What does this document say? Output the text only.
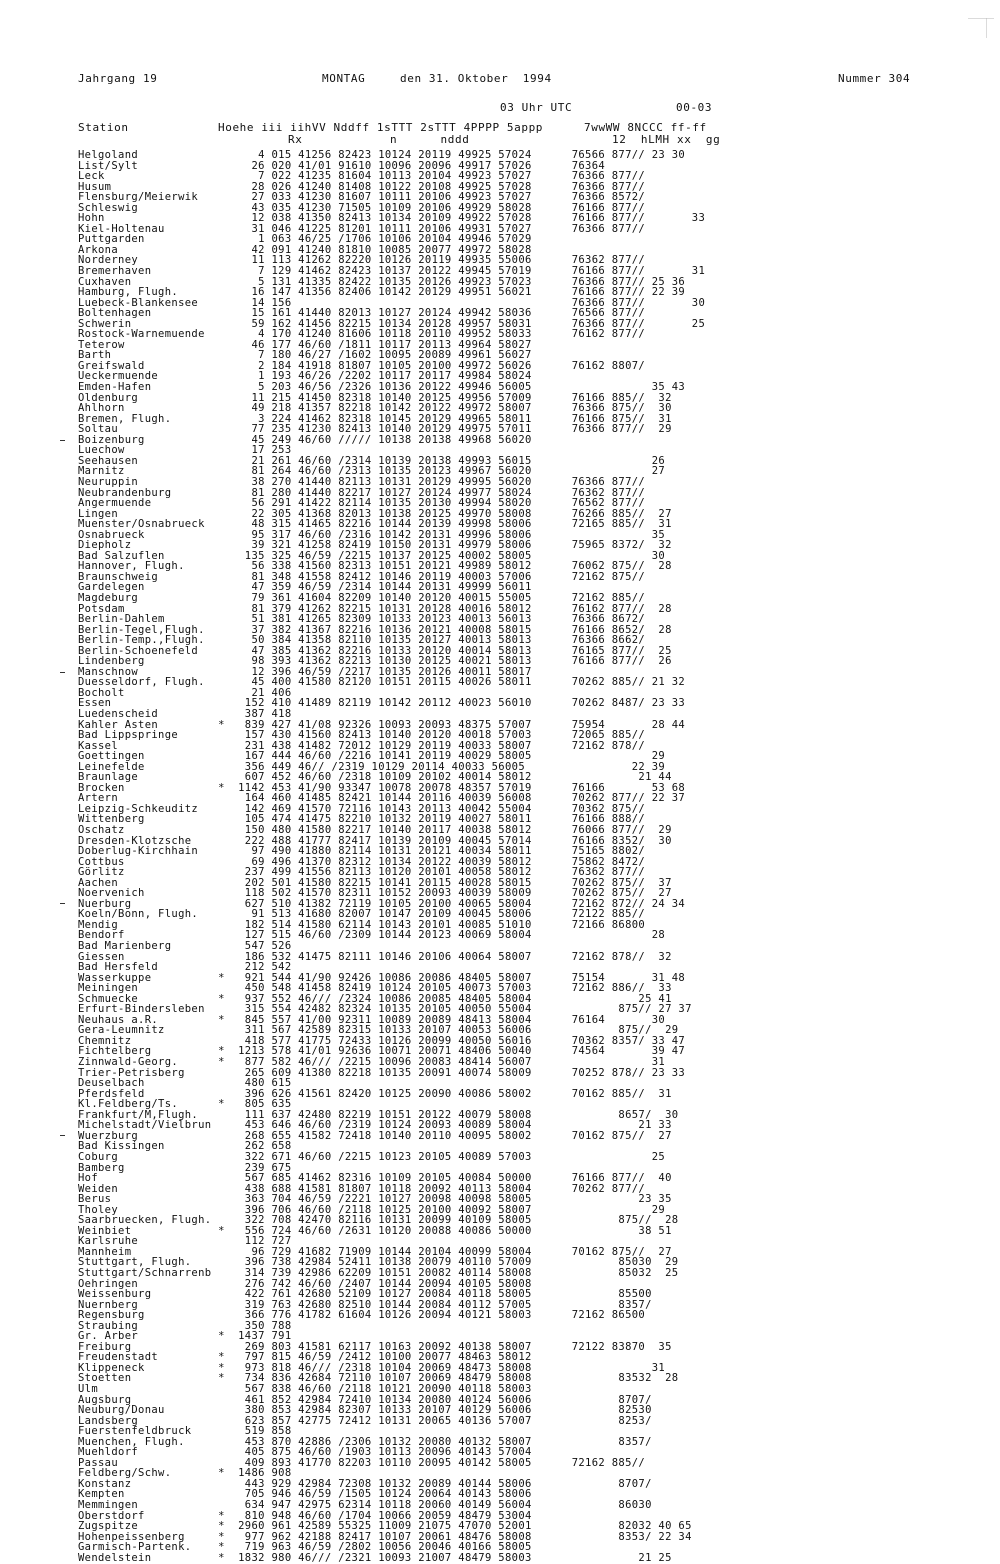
Jahrgang 19	MONTAG	den 31. Oktober  1994	Nummer 304
03 Uhr UTC	00-03
Station	Hoehe iii iihVV Nddff 1sTTT 2sTTT 4PPPP 5appp	7wwWW 8NCCC ff-ff
Rx	n      nddd	12  hLMH xx  gg
Helgoland                  4 015 41256 82423 10124 20119 49925 57024      76566 877// 23 30
List/Sylt                 26 020 41/01 91610 10096 20096 49917 57026      76364
Leck                       7 022 41235 81604 10113 20104 49923 57027      76366 877//
Husum                     28 026 41240 81408 10122 20108 49925 57028      76366 877//
Flensburg/Meierwik        27 033 41230 81607 10111 20106 49923 57027      76366 8572/
Schleswig                 43 035 41230 71505 10109 20106 49929 58028      76166 877//
Hohn                      12 038 41350 82413 10134 20109 49922 57028      76166 877//       33
Kiel-Holtenau             31 046 41225 81201 10111 20106 49931 57027      76366 877//
Puttgarden                 1 063 46/25 /1706 10106 20104 49946 57029
Arkona                    42 091 41240 81810 10085 20077 49972 58028
Norderney                 11 113 41262 82220 10126 20119 49935 55006      76362 877//
Bremerhaven                7 129 41462 82423 10137 20122 49945 57019      76166 877//       31
Cuxhaven                   5 131 41335 82422 10135 20126 49923 57023      76366 877// 25 36
Hamburg, Flugh.           16 147 41356 82406 10142 20129 49951 56021      76166 877// 22 39
Luebeck-Blankensee        14 156                                          76366 877//       30
Boltenhagen               15 161 41440 82013 10127 20124 49942 58036      76566 877//
Schwerin                  59 162 41456 82215 10134 20128 49957 58031      76366 877//       25
Rostock-Warnemuende        4 170 41240 81606 10118 20110 49952 58033      76162 877//
Teterow                   46 177 46/60 /1811 10117 20113 49964 58027
Barth                      7 180 46/27 /1602 10095 20089 49961 56027
Greifswald                 2 184 41918 81807 10105 20100 49972 56026      76162 8807/
Ueckermuende               1 193 46/26 /2202 10117 20117 49984 58024
Emden-Hafen                5 203 46/56 /2326 10136 20122 49946 56005                  35 43
Oldenburg                 11 215 41450 82318 10140 20125 49956 57009      76166 885//  32
Ahlhorn                   49 218 41357 82218 10142 20122 49972 58007      76366 875//  30
Bremen, Flugh.             3 224 41462 82318 10145 20129 49965 58011      76166 875//  31
Soltau                    77 235 41230 82413 10140 20129 49975 57011      76366 877//  29
Boizenburg                45 249 46/60 ///// 10138 20138 49968 56020
Luechow                   17 253
Seehausen                 21 261 46/60 /2314 10139 20138 49993 56015                  26
Marnitz                   81 264 46/60 /2313 10135 20123 49967 56020                  27
Neuruppin                 38 270 41440 82113 10131 20129 49995 56020      76366 877//
Neubrandenburg            81 280 41440 82217 10127 20124 49977 58024      76362 877//
Angermuende               56 291 41422 82114 10135 20130 49994 58020      76562 877//
Lingen                    22 305 41368 82013 10138 20125 49970 58008      76266 885//  27
Muenster/Osnabrueck       48 315 41465 82216 10144 20139 49998 58006      72165 885//  31
Osnabrueck                95 317 46/60 /2316 10142 20131 49996 58006                  35
Diepholz                  39 321 41258 82419 10150 20131 49979 58006      75965 8372/  32
Bad Salzuflen            135 325 46/59 /2215 10137 20125 40002 58005                  30
Hannover, Flugh.          56 338 41560 82313 10151 20121 49989 58012      76062 875//  28
Braunschweig              81 348 41558 82412 10146 20119 40003 57006      72162 875//
Gardelegen                47 359 46/59 /2314 10144 20131 49999 56011
Magdeburg                 79 361 41604 82209 10140 20120 40015 55005      72162 885//
Potsdam                   81 379 41262 82215 10131 20128 40016 58012      76162 877//  28
Berlin-Dahlem             51 381 41265 82309 10133 20123 40013 56013      76366 8672/
Berlin-Tegel,Flugh.       37 382 41367 82216 10136 20121 40008 58015      76166 8652/  28
Berlin-Temp.,Flugh.       50 384 41358 82110 10135 20127 40013 58013      76366 8662/
Berlin-Schoenefeld        47 385 41362 82216 10133 20120 40014 58013      76165 877//  25
Lindenberg                98 393 41362 82213 10130 20125 40021 58013      76166 877//  26
Manschnow                 12 396 46/59 /2217 10135 20126 40011 58017
Duesseldorf, Flugh.       45 400 41580 82120 10151 20115 40026 58011      70262 885// 21 32
Bocholt                   21 406
Essen                    152 410 41489 82119 10142 20112 40023 56010      70262 8487/ 23 33
Luedenscheid             387 418
Kahler Asten         *   839 427 41/08 92326 10093 20093 48375 57007      75954       28 44
Bad Lippspringe          157 430 41560 82413 10140 20120 40018 57003      72065 885//
Kassel                   231 438 41482 72012 10129 20119 40033 58007      72162 878//
Goettingen               167 444 46/60 /2216 10141 20119 40029 58005                  29
Leinefelde               356 449 46// /2319 10129 20114 40033 56005                22 39
Braunlage                607 452 46/60 /2318 10109 20102 40014 58012                21 44
Brocken              *  1142 453 41/90 93347 10078 20078 48357 57019      76166       53 68
Artern                   164 460 41485 82421 10144 20116 40039 56008      70262 877// 22 37
Leipzig-Schkeuditz       142 469 41570 72116 10143 20113 40042 55004      70362 875//
Wittenberg               105 474 41475 82210 10132 20119 40027 58011      76166 888//
Oschatz                  150 480 41580 82217 10140 20117 40038 58012      76066 877//  29
Dresden-Klotzsche        222 488 41777 82417 10139 20109 40045 57014      76166 8352/  30
Doberlug-Kirchhain        97 490 41880 82114 10131 20121 40034 58011      75165 8802/
Cottbus                   69 496 41370 82312 10134 20122 40039 58012      75862 8472/
Görlitz                  237 499 41556 82113 10120 20101 40058 58012      76362 877//
Aachen                   202 501 41580 82215 10141 20115 40028 58015      70262 875//  37
Noervenich               118 502 41570 82311 10152 20093 40039 58009      70262 875//  27
Nuerburg                 627 510 41382 72119 10105 20100 40065 58004      72162 872// 24 34
Koeln/Bonn, Flugh.        91 513 41680 82007 10147 20109 40045 58006      72122 885//
Mendig                   182 514 41580 62114 10143 20101 40085 51010      72166 86800
Bendorf                  127 515 46/60 /2309 10144 20123 40069 58004                  28
Bad Marienberg           547 526
Giessen                  186 532 41475 82111 10146 20106 40064 58007      72162 878//  32
Bad Hersfeld             212 542
Wasserkuppe          *   921 544 41/90 92426 10086 20086 48405 58007      75154       31 48
Meiningen                450 548 41458 82419 10124 20105 40073 57003      72162 886//  33
Schmuecke            *   937 552 46/// /2324 10086 20085 48405 58004                25 41
Erfurt-Bindersleben      315 554 42482 82324 10135 20105 40050 55004             875// 27 37
Neuhaus a.R.         *   845 557 41/00 92311 10089 20089 48413 58004      76164       30
Gera-Leumnitz            311 567 42589 82315 10133 20107 40053 56006             875//  29
Chemnitz                 418 577 41775 72433 10126 20099 40050 56016      70362 8357/ 33 47
Fichtelberg          *  1213 578 41/01 92636 10071 20071 48406 50040      74564       39 47
Zinnwald-Georg.      *   877 582 46/// /2215 10096 20083 48414 56007                  31
Trier-Petrisberg         265 609 41380 82218 10135 20091 40074 58009      70252 878// 23 33
Deuselbach               480 615
Pferdsfeld               396 626 41561 82420 10125 20090 40086 58002      70162 885//  31
Kl.Feldberg/Ts.      *   805 635
Frankfurt/M,Flugh.       111 637 42480 82219 10151 20122 40079 58008             8657/  30
Michelstadt/Vielbrun     453 646 46/60 /2319 10124 20093 40089 58004                21 33
Wuerzburg                268 655 41582 72418 10140 20110 40095 58002      70162 875//  27
Bad Kissingen            262 658
Coburg                   322 671 46/60 /2215 10123 20105 40089 57003                  25
Bamberg                  239 675
Hof                      567 685 41462 82316 10109 20105 40084 50000      76166 877//  40
Weiden                   438 688 41581 81807 10118 20092 40113 58004      70262 877//
Berus                    363 704 46/59 /2221 10127 20098 40098 58005                23 35
Tholey                   396 706 46/60 /2118 10125 20100 40092 58007                  29
Saarbruecken, Flugh.     322 708 42470 82116 10131 20099 40109 58005             875//  28
Weinbiet             *   556 724 46/60 /2631 10120 20088 40086 50000                38 51
Karlsruhe                112 727
Mannheim                  96 729 41682 71909 10144 20104 40099 58004      70162 875//  27
Stuttgart, Flugh.        396 738 42984 52411 10138 20079 40110 57009             85030  29
Stuttgart/Schnarrenb     314 739 42986 62209 10151 20082 40114 58008             85032  25
Oehringen                276 742 46/60 /2407 10144 20094 40105 58008
Weissenburg              422 761 42680 52109 10127 20084 40118 58005             85500
Nuernberg                319 763 42680 82510 10144 20084 40112 57005             8357/
Regensburg               366 776 41782 61604 10126 20094 40121 58003      72162 86500
Straubing                350 788
Gr. Arber            *  1437 791
Freiburg                 269 803 41581 62117 10163 20092 40138 58007      72122 83870  35
Freudenstadt         *   797 815 46/59 /2412 10100 20077 48463 58012
Klippeneck           *   973 818 46/// /2318 10104 20069 48473 58008                  31
Stoetten             *   734 836 42684 72110 10107 20069 48479 58008             83532  28
Ulm                      567 838 46/60 /2118 10121 20090 40118 58003
Augsburg                 461 852 42984 72410 10134 20080 40124 56006             8707/
Neuburg/Donau            380 853 42984 82307 10133 20107 40129 56006             82530
Landsberg                623 857 42775 72412 10131 20065 40136 57007             8253/
Fuerstenfeldbruck        519 858
Muenchen, Flugh.         453 870 42886 /2306 10132 20080 40132 58007             8357/
Muehldorf                405 875 46/60 /1903 10113 20096 40143 57004
Passau                   409 893 41770 82203 10110 20095 40142 58005      72162 885//
Feldberg/Schw.       *  1486 908
Konstanz                 443 929 42984 72308 10132 20089 40144 58006             8707/
Kempten                  705 946 46/59 /1505 10124 20064 40143 58006
Memmingen                634 947 42975 62314 10118 20060 40149 56004             86030
Oberstdorf           *   810 948 46/60 /1704 10066 20059 48479 53004
Zugspitze            *  2960 961 42589 55325 11009 21075 47070 52001             82032 40 65
Hohenpeissenberg     *   977 962 42188 82417 10107 20061 48476 58008             8353/ 22 34
Garmisch-Partenk.    *   719 963 46/59 /2802 10056 20046 40166 58005
Wendelstein          *  1832 980 46/// /2321 10093 21007 48479 58003                21 25
